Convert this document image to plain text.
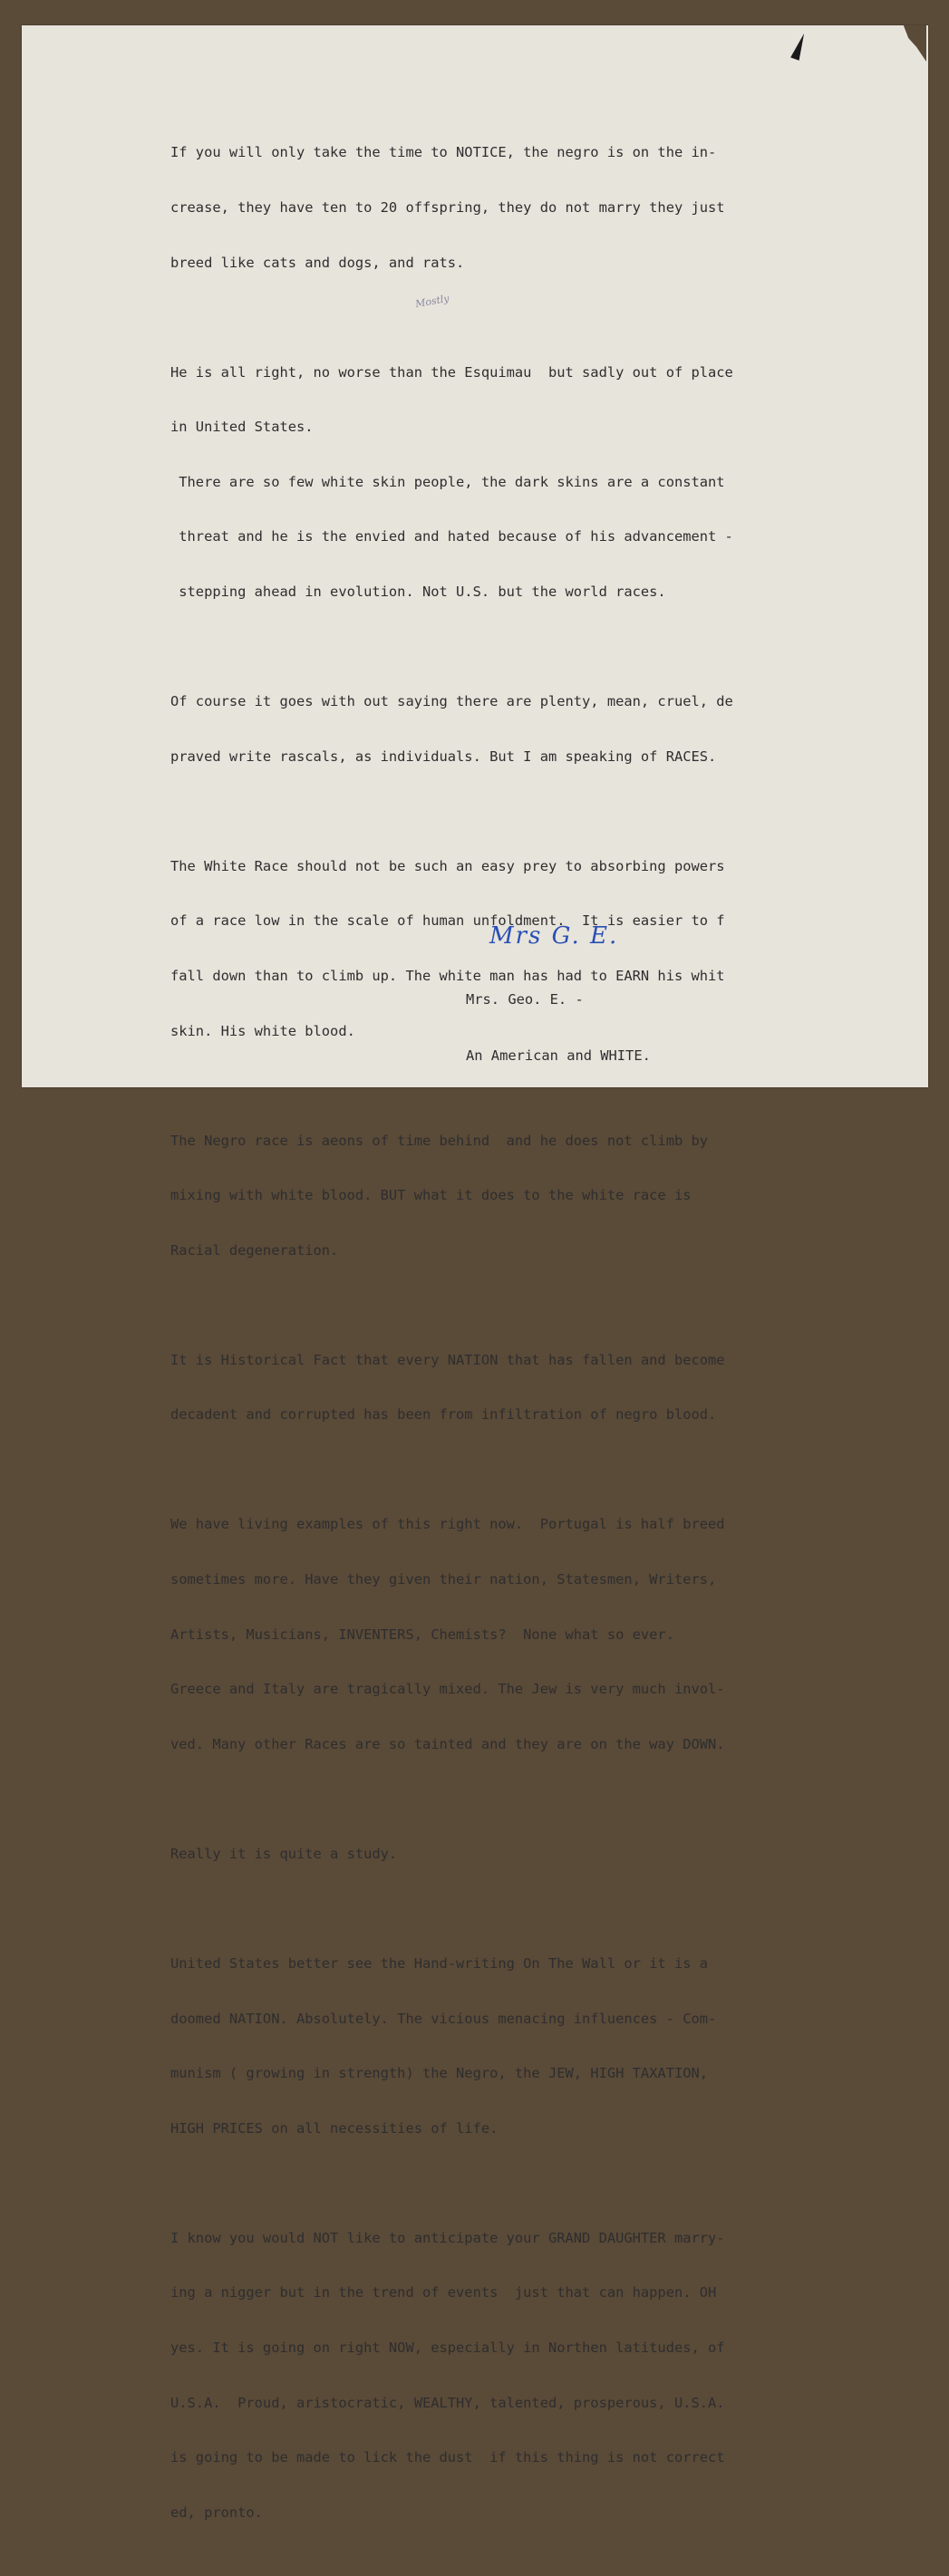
If you will only take the time to NOTICE, the negro is on the in-

crease, they have ten to 20 offspring, they do not marry they just

breed like cats and dogs, and rats.

He is all right, no worse than the Esquimau  but sadly out of place

in United States.

There are so few white skin people, the dark skins are a constant

threat and he is the envied and hated because of his advancement -

stepping ahead in evolution. Not U.S. but the world races.

Of course it goes with out saying there are plenty, mean, cruel, de

praved write rascals, as individuals. But I am speaking of RACES.

The White Race should not be such an easy prey to absorbing powers

of a race low in the scale of human unfoldment.  It is easier to f

fall down than to climb up. The white man has had to EARN his whit

skin. His white blood.

The Negro race is aeons of time behind  and he does not climb by

mixing with white blood. BUT what it does to the white race is

Racial degeneration.

It is Historical Fact that every NATION that has fallen and become

decadent and corrupted has been from infiltration of negro blood.

We have living examples of this right now.  Portugal is half breed

sometimes more. Have they given their nation, Statesmen, Writers,

Artists, Musicians, INVENTERS, Chemists?  None what so ever.

Greece and Italy are tragically mixed. The Jew is very much invol-

ved. Many other Races are so tainted and they are on the way DOWN.

Really it is quite a study.

United States better see the Hand-writing On The Wall or it is a

doomed NATION. Absolutely. The vicious menacing influences - Com-

munism ( growing in strength) the Negro, the JEW, HIGH TAXATION,

HIGH PRICES on all necessities of life.

I know you would NOT like to anticipate your GRAND DAUGHTER marry-

ing a nigger but in the trend of events  just that can happen. OH

yes. It is going on right NOW, especially in Northen latitudes, of

U.S.A.  Proud, aristocratic, WEALTHY, talented, prosperous, U.S.A.

is going to be made to lick the dust  if this thing is not correct

ed, pronto.

Mostly
Mrs G. E.

Mrs. Geo. E. -

An American and WHITE.
